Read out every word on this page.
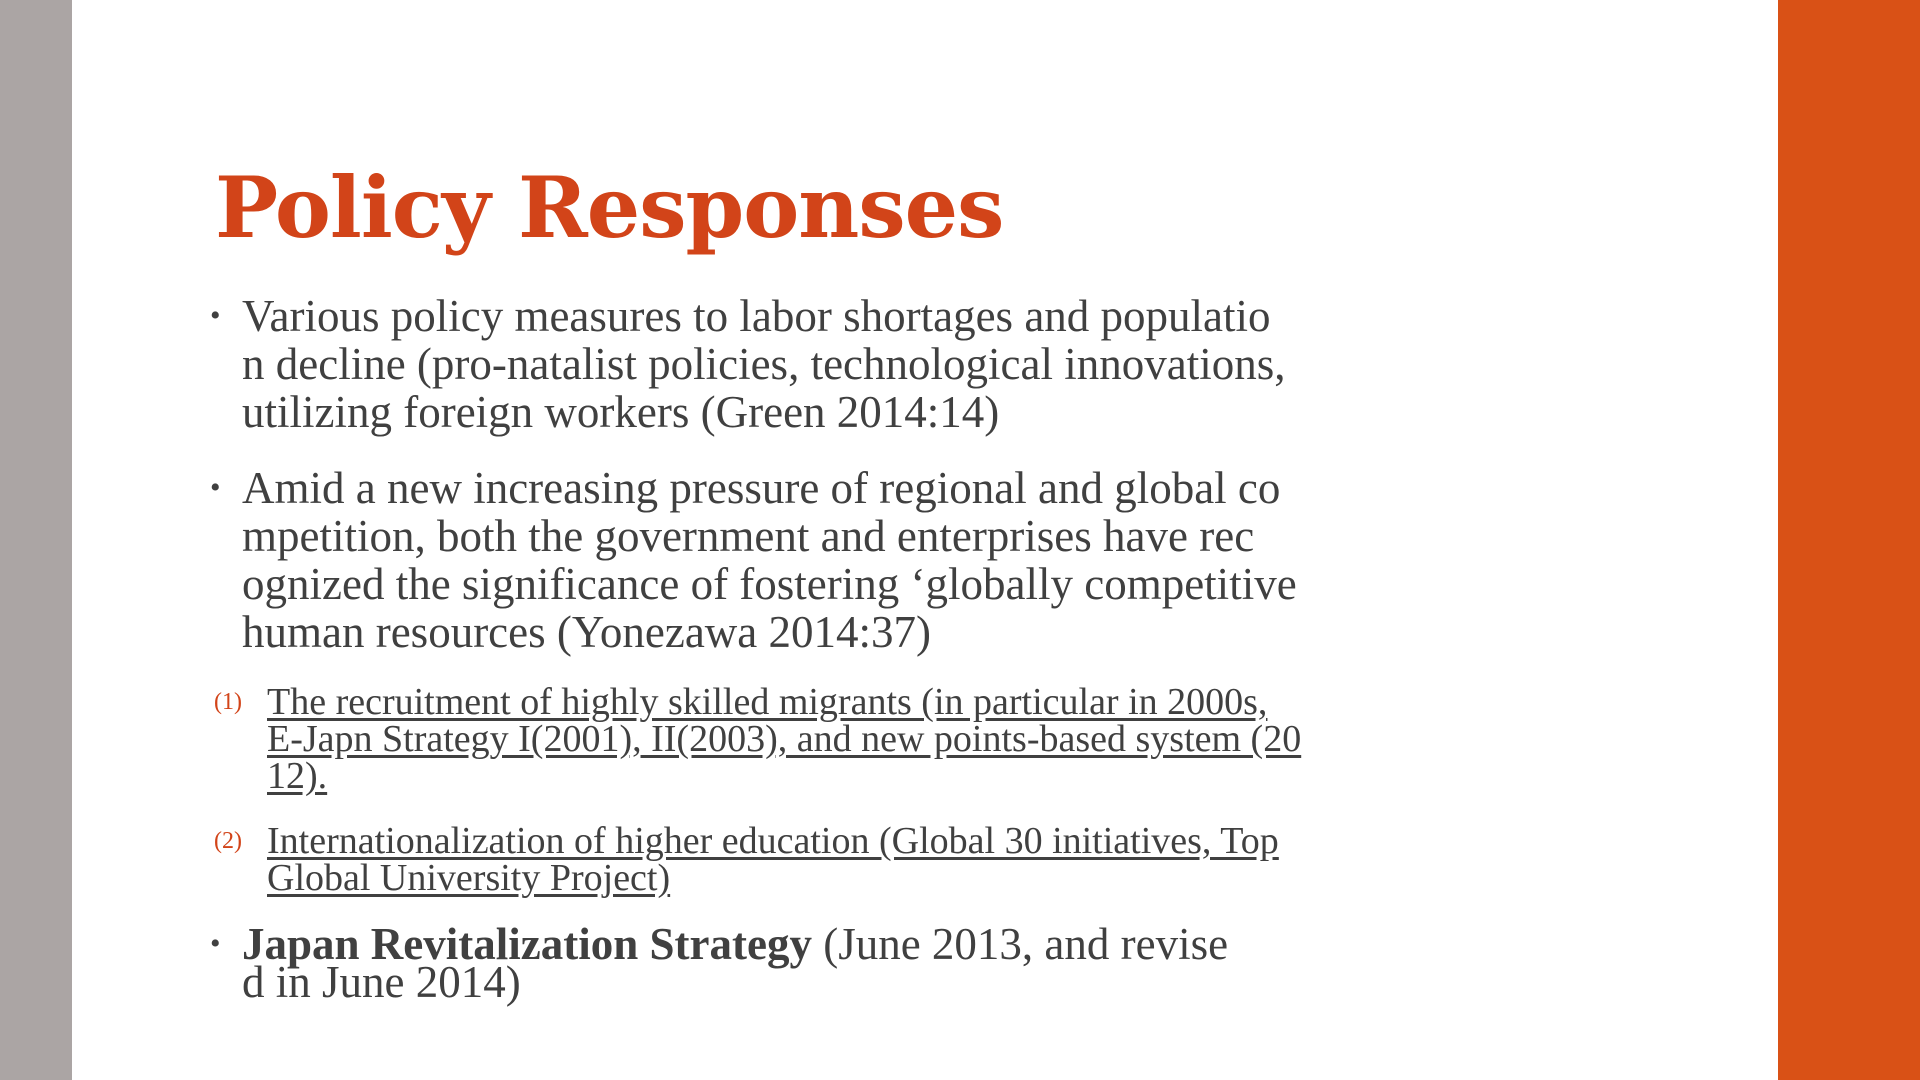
Policy Responses
• Various policy measures to labor shortages and populatio
n decline (pro-natalist policies, technological innovations,
utilizing foreign workers (Green 2014:14)
• Amid a new increasing pressure of regional and global co
mpetition, both the government and enterprises have rec
ognized the significance of fostering ‘globally competitive
human resources (Yonezawa 2014:37)
(1) The recruitment of highly skilled migrants (in particular in 2000s,
E-Japn Strategy I(2001), II(2003), and new points-based system (20
12).
(2) Internationalization of higher education (Global 30 initiatives, Top
Global University Project)
• Japan Revitalization Strategy (June 2013, and revise
d in June 2014)
